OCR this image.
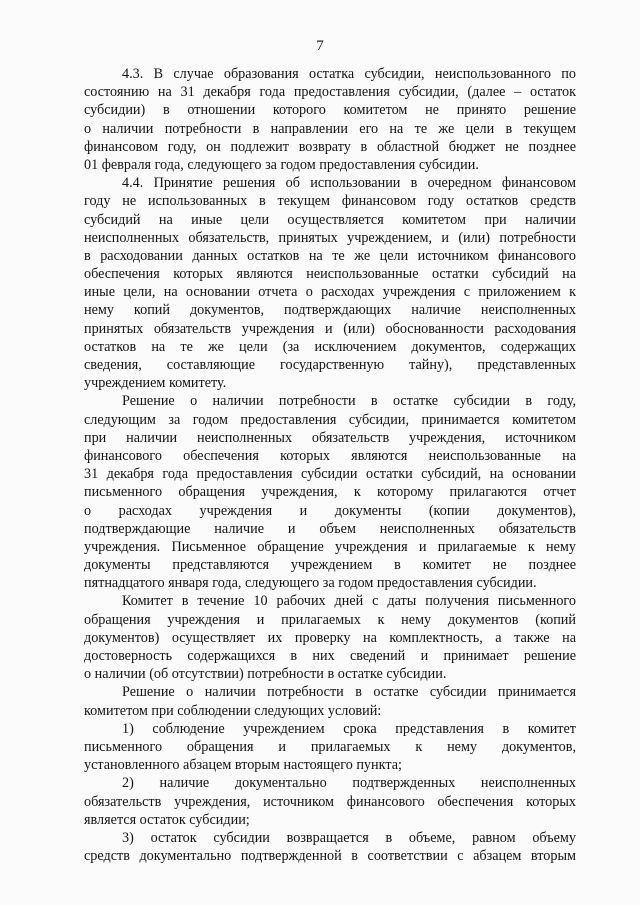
7
4.3. В случае образования остатка субсидии, неиспользованного по
состоянию на 31 декабря года предоставления субсидии, (далее – остаток
субсидии) в отношении которого комитетом не принято решение
о наличии потребности в направлении его на те же цели в текущем
финансовом году, он подлежит возврату в областной бюджет не позднее
01 февраля года, следующего за годом предоставления субсидии.
4.4. Принятие решения об использовании в очередном финансовом
году не использованных в текущем финансовом году остатков средств
субсидий на иные цели осуществляется комитетом при наличии
неисполненных обязательств, принятых учреждением, и (или) потребности
в расходовании данных остатков на те же цели источником финансового
обеспечения которых являются неиспользованные остатки субсидий на
иные цели, на основании отчета о расходах учреждения с приложением к
нему копий документов, подтверждающих наличие неисполненных
принятых обязательств учреждения и (или) обоснованности расходования
остатков на те же цели (за исключением документов, содержащих
сведения, составляющие государственную тайну), представленных
учреждением комитету.
Решение о наличии потребности в остатке субсидии в году,
следующим за годом предоставления субсидии, принимается комитетом
при наличии неисполненных обязательств учреждения, источником
финансового обеспечения которых являются неиспользованные на
31 декабря года предоставления субсидии остатки субсидий, на основании
письменного обращения учреждения, к которому прилагаются отчет
о расходах учреждения и документы (копии документов),
подтверждающие наличие и объем неисполненных обязательств
учреждения. Письменное обращение учреждения и прилагаемые к нему
документы представляются учреждением в комитет не позднее
пятнадцатого января года, следующего за годом предоставления субсидии.
Комитет в течение 10 рабочих дней с даты получения письменного
обращения учреждения и прилагаемых к нему документов (копий
документов) осуществляет их проверку на комплектность, а также на
достоверность содержащихся в них сведений и принимает решение
о наличии (об отсутствии) потребности в остатке субсидии.
Решение о наличии потребности в остатке субсидии принимается
комитетом при соблюдении следующих условий:
1) соблюдение учреждением срока представления в комитет
письменного обращения и прилагаемых к нему документов,
установленного абзацем вторым настоящего пункта;
2) наличие документально подтвержденных неисполненных
обязательств учреждения, источником финансового обеспечения которых
является остаток субсидии;
3) остаток субсидии возвращается в объеме, равном объему
средств документально подтвержденной в соответствии с абзацем вторым
